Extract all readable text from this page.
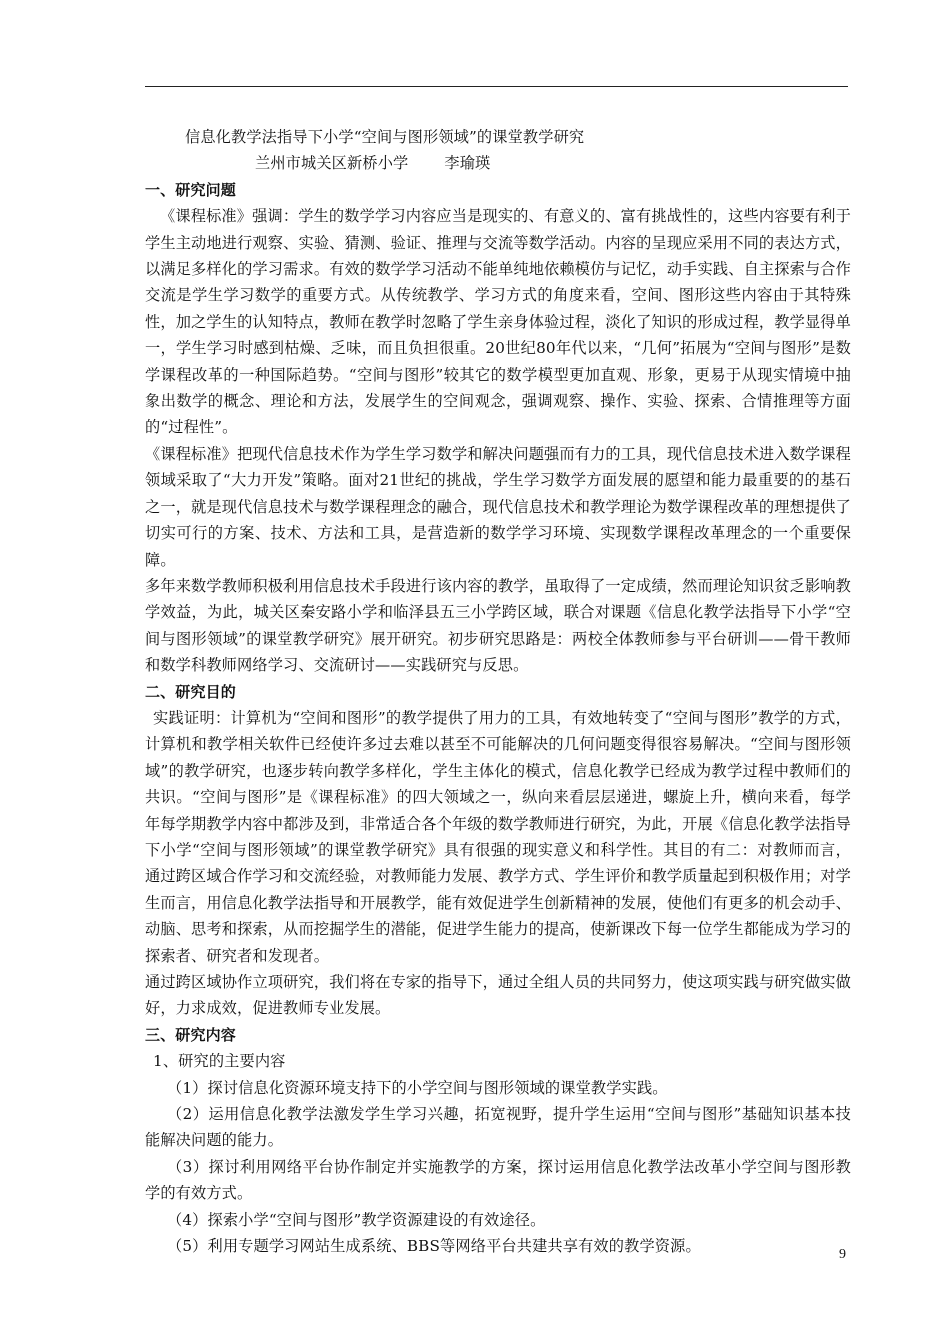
信息化教学法指导下小学“空间与图形领域”的课堂教学研究

兰州市城关区新桥小学 李瑜瑛

一、研究问题

《课程标准》强调：学生的数学学习内容应当是现实的、有意义的、富有挑战性的，这些内容要有利于学生主动地进行观察、实验、猜测、验证、推理与交流等数学活动。内容的呈现应采用不同的表达方式，以满足多样化的学习需求。有效的数学学习活动不能单纯地依赖模仿与记忆，动手实践、自主探索与合作交流是学生学习数学的重要方式。从传统教学、学习方式的角度来看，空间、图形这些内容由于其特殊性，加之学生的认知特点，教师在教学时忽略了学生亲身体验过程，淡化了知识的形成过程，教学显得单一，学生学习时感到枯燥、乏味，而且负担很重。20世纪80年代以来，“几何”拓展为“空间与图形”是数学课程改革的一种国际趋势。“空间与图形”较其它的数学模型更加直观、形象，更易于从现实情境中抽象出数学的概念、理论和方法，发展学生的空间观念，强调观察、操作、实验、探索、合情推理等方面的“过程性”。

《课程标准》把现代信息技术作为学生学习数学和解决问题强而有力的工具，现代信息技术进入数学课程领域采取了“大力开发”策略。面对21世纪的挑战，学生学习数学方面发展的愿望和能力最重要的的基石之一，就是现代信息技术与数学课程理念的融合，现代信息技术和教学理论为数学课程改革的理想提供了切实可行的方案、技术、方法和工具，是营造新的数学学习环境、实现数学课程改革理念的一个重要保障。

多年来数学教师积极利用信息技术手段进行该内容的教学，虽取得了一定成绩，然而理论知识贫乏影响教学效益，为此，城关区秦安路小学和临泽县五三小学跨区域，联合对课题《信息化教学法指导下小学“空间与图形领域”的课堂教学研究》展开研究。初步研究思路是：两校全体教师参与平台研训——骨干教师和数学科教师网络学习、交流研讨——实践研究与反思。

二、研究目的

实践证明：计算机为“空间和图形”的教学提供了用力的工具，有效地转变了“空间与图形”教学的方式，计算机和教学相关软件已经使许多过去难以甚至不可能解决的几何问题变得很容易解决。“空间与图形领域”的教学研究，也逐步转向教学多样化，学生主体化的模式，信息化教学已经成为教学过程中教师们的共识。“空间与图形”是《课程标准》的四大领域之一，纵向来看层层递进，螺旋上升，横向来看，每学年每学期教学内容中都涉及到，非常适合各个年级的数学教师进行研究，为此，开展《信息化教学法指导下小学“空间与图形领域”的课堂教学研究》具有很强的现实意义和科学性。其目的有二：对教师而言，通过跨区域合作学习和交流经验，对教师能力发展、教学方式、学生评价和教学质量起到积极作用；对学生而言，用信息化教学法指导和开展教学，能有效促进学生创新精神的发展，使他们有更多的机会动手、动脑、思考和探索，从而挖掘学生的潜能，促进学生能力的提高，使新课改下每一位学生都能成为学习的探索者、研究者和发现者。

通过跨区域协作立项研究，我们将在专家的指导下，通过全组人员的共同努力，使这项实践与研究做实做好，力求成效，促进教师专业发展。

三、研究内容

1、研究的主要内容

（1）探讨信息化资源环境支持下的小学空间与图形领域的课堂教学实践。

（2）运用信息化教学法激发学生学习兴趣，拓宽视野，提升学生运用“空间与图形”基础知识基本技能解决问题的能力。

（3）探讨利用网络平台协作制定并实施教学的方案，探讨运用信息化教学法改革小学空间与图形教学的有效方式。

（4）探索小学“空间与图形”教学资源建设的有效途径。

（5）利用专题学习网站生成系统、BBS等网络平台共建共享有效的教学资源。	9
